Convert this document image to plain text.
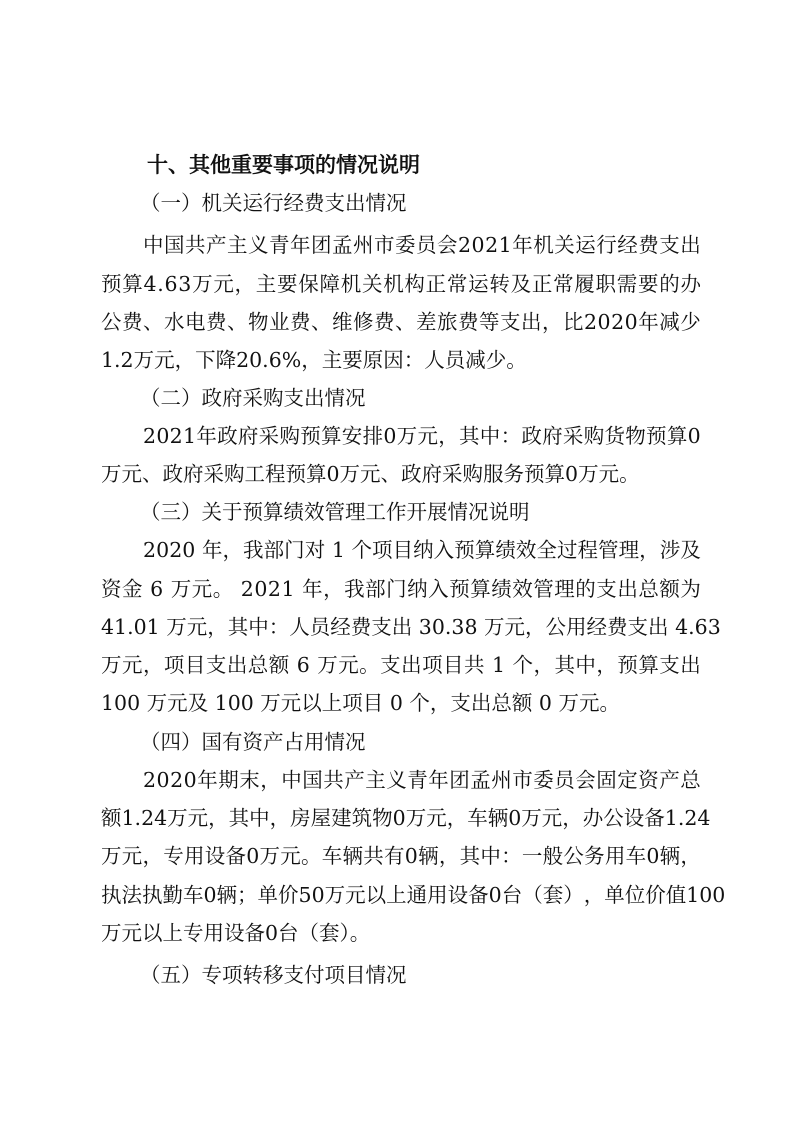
十、其他重要事项的情况说明
（一）机关运行经费支出情况
中 国 共 产 主 义 青 年 团 孟 州 市 委 员 会 2 0 2 1 年 机 关 运 行 经 费 支 出
预 算 4 . 6 3 万 元 ， 主 要 保 障 机 关 机 构 正 常 运 转 及 正 常 履 职 需 要 的 办
公 费 、 水 电 费 、 物 业 费 、 维 修 费 、 差 旅 费 等 支 出 ， 比 2 0 2 0 年 减 少
1.2万元，下降20.6%，主要原因：人员减少。
（二）政府采购支出情况
2 0 2 1 年 政 府 采 购 预 算 安 排 0 万 元 ， 其 中 ： 政 府 采 购 货 物 预 算 0
万元、政府采购工程预算0万元、政府采购服务预算0万元。
（三）关于预算绩效管理工作开展情况说明
2 0 2 0
年 ， 我 部 门 对
1
个 项 目 纳 入 预 算 绩 效 全 过 程 管 理 ， 涉 及
资 金
6
万 元 。
2 0 2 1
年 ， 我 部 门 纳 入 预 算 绩 效 管 理 的 支 出 总 额 为
4 1 . 0 1
万 元 ， 其 中 ： 人 员 经 费 支 出
3 0 . 3 8
万 元 ， 公 用 经 费 支 出
4 . 6 3
万 元 ， 项 目 支 出 总 额
6
万 元 。 支 出 项 目 共
1
个 ， 其 中 ， 预 算 支 出
100 万元及 100 万元以上项目 0 个，支出总额 0 万元。
（四）国有资产占用情况
2 0 2 0 年 期 末 ， 中 国 共 产 主 义 青 年 团 孟 州 市 委 员 会 固 定 资 产 总
额 1 . 2 4 万 元 ， 其 中 ， 房 屋 建 筑 物 0 万 元 ， 车 辆 0 万 元 ， 办 公 设 备 1 . 2 4
万 元 ， 专 用 设 备 0 万 元 。 车 辆 共 有 0 辆 ， 其 中 ： 一 般 公 务 用 车 0 辆 ，
执 法 执 勤 车 0 辆 ； 单 价 5 0 万 元 以 上 通 用 设 备 0 台 （ 套 ） ， 单 位 价 值 1 0 0
万元以上专用设备0台（套）。
（五）专项转移支付项目情况
